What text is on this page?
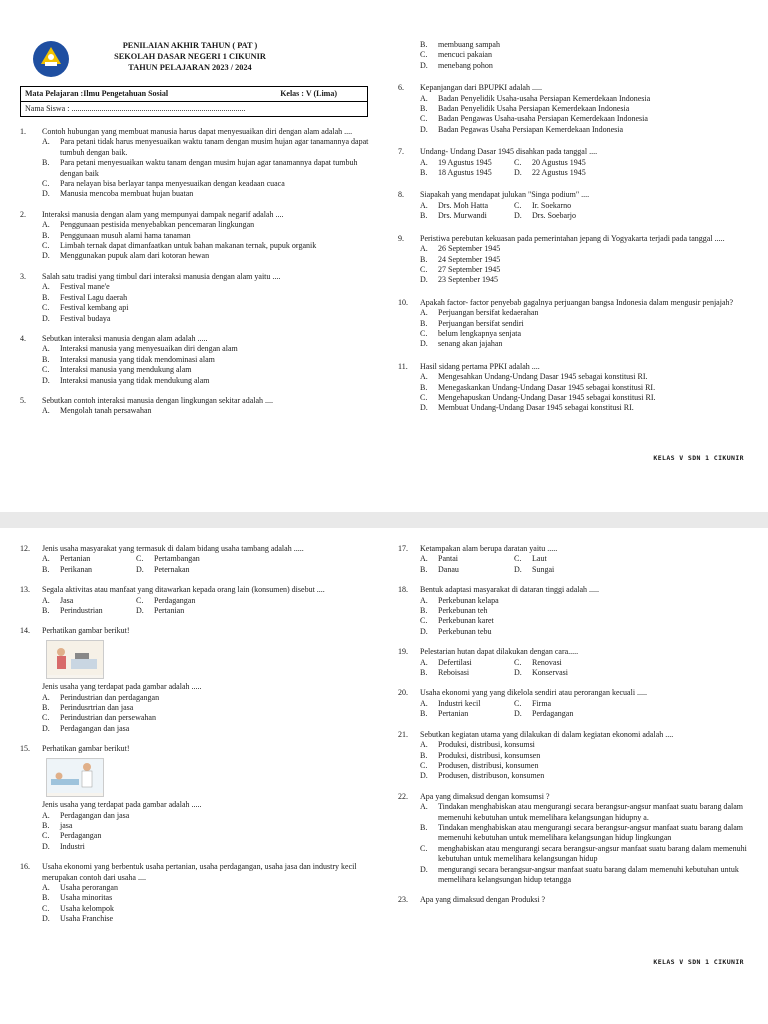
PENILAIAN AKHIR TAHUN ( PAT )
SEKOLAH DASAR NEGERI 1 CIKUNIR
TAHUN PELAJARAN 2023 / 2024
Mata Pelajaran :Ilmu Pengetahuan Sosial	Kelas : V (Lima)
Nama Siswa : .......................................................................................
1.	Contoh hubungan yang membuat manusia harus dapat menyesuaikan diri dengan alam adalah ....
A.	Para petani tidak harus menyesuaikan waktu tanam dengan musim hujan agar tanamannya dapat tumbuh dengan baik.
B.	Para petani menyesuaikan waktu tanam dengan musim hujan agar tanamannya dapat tumbuh dengan baik
C.	Para nelayan bisa berlayar tanpa menyesuaikan dengan keadaan cuaca
D.	Manusia mencoba membuat hujan buatan
2.	Interaksi manusia dengan alam yang mempunyai dampak negarif adalah ....
A.	Penggunaan pestisida menyebabkan pencemaran lingkungan
B.	Penggunaan musuh alami hama tanaman
C.	Limbah ternak dapat dimanfaatkan untuk bahan makanan ternak, pupuk organik
D.	Menggunakan pupuk alam dari kotoran hewan
3.	Salah satu tradisi yang timbul dari interaksi manusia dengan alam yaitu ....
A.	Festival mane'e
B.	Festival Lagu daerah
C.	Festival kembang api
D.	Festival budaya
4.	Sebutkan interaksi manusia dengan alam adalah .....
A.	Interaksi manusia yang menyesuaikan diri dengan alam
B.	Interaksi manusia yang tidak mendominasi alam
C.	Interaksi manusia yang mendukung alam
D.	Interaksi manusia yang tidak mendukung alam
5.	Sebutkan contoh interaksi manusia dengan lingkungan sekitar adalah ....
A.	Mengolah tanah persawahan
B.	membuang sampah
C.	mencuci pakaian
D.	menebang pohon
6.	Kepanjangan dari BPUPKI adalah .....
A.	Badan Penyelidik Usaha-usaha Persiapan Kemerdekaan Indonesia
B.	Badan Penyelidik Usaha Persiapan Kemerdekaan Indonesia
C.	Badan Pengawas Usaha-usaha Persiapan Kemerdekaan Indonesia
D.	Badan Pegawas Usaha Persiapan Kemerdekaan Indonesia
7.	Undang- Undang Dasar 1945 disahkan pada tanggal ....
A.	19 Agustus 1945	C.	20 Agustus 1945
B.	18 Agustus 1945	D.	22 Agustus 1945
8.	Siapakah yang mendapat julukan "Singa podium" ....
A.	Drs. Moh Hatta	C.	Ir. Soekarno
B.	Drs. Murwandi	D.	Drs. Soebarjo
9.	Peristiwa perebutan kekuasan pada pemerintahan jepang di Yogyakarta terjadi pada tanggal .....
A.	26 September 1945
B.	24 September 1945
C.	27 September 1945
D.	23 Septenber 1945
10.	Apakah factor- factor penyebab gagalnya perjuangan bangsa Indonesia dalam mengusir penjajah?
A.	Perjuangan bersifat kedaerahan
B.	Perjuangan bersifat sendiri
C.	belum lengkapnya senjata
D.	senang akan jajahan
11.	Hasil sidang pertama PPKI adalah ....
A.	Mengesahkan Undang-Undang Dasar 1945 sebagai konstitusi RI.
B.	Menegaskankan Undang-Undang Dasar 1945 sebagai konstitusi RI.
C.	Mengehapuskan Undang-Undang Dasar 1945 sebagai konstitusi RI.
D.	Membuat Undang-Undang Dasar 1945 sebagai konstitusi RI.
KELAS V SDN 1 CIKUNIR
12.	Jenis usaha masyarakat yang termasuk di dalam bidang usaha tambang adalah .....
A.	Pertanian	C.	Pertambangan
B.	Perikanan	D.	Peternakan
13.	Segala aktivitas atau manfaat yang ditawarkan kepada orang lain (konsumen) disebut ....
A.	Jasa	C.	Perdagangan
B.	Perindustrian	D.	Pertanian
14.	Perhatikan gambar berikut!
Jenis usaha yang terdapat pada gambar adalah .....
A.	Perindustrian dan perdagangan
B.	Perindusrtrian dan jasa
C.	Perindustrian dan persewahan
D.	Perdagangan dan jasa
15.	Perhatikan gambar berikut!
Jenis usaha yang terdapat pada gambar adalah .....
A.	Perdagangan dan jasa
B.	jasa
C.	Perdagangan
D.	Industri
16.	Usaha ekonomi yang berbentuk usaha pertanian, usaha perdagangan, usaha jasa dan industry kecil merupakan contoh dari usaha ....
A.	Usaha perorangan
B.	Usaha minoritas
C.	Usaha kelompok
D.	Usaha Franchise
17.	Ketampakan alam berupa daratan yaitu .....
A.	Pantai	C.	Laut
B.	Danau	D.	Sungai
18.	Bentuk adaptasi masyarakat di dataran tinggi adalah .....
A.	Perkebunan kelapa
B.	Perkebunan teh
C.	Perkebunan karet
D.	Perkebunan tebu
19.	Pelestarian hutan dapat dilakukan dengan cara.....
A.	Defertilasi	C.	Renovasi
B.	Reboisasi	D.	Konservasi
20.	Usaha ekonomi yang yang dikelola sendiri atau perorangan kecuali .....
A.	Industri kecil	C.	Firma
B.	Pertanian	D.	Perdagangan
21.	Sebutkan kegiatan utama yang dilakukan di dalam kegiatan ekonomi adalah ....
A.	Produksi, distribusi, konsumsi
B.	Produksi, distribusi, konsumsen
C.	Produsen, distribusi, konsumen
D.	Produsen, distribuson, konsumen
22.	Apa yang dimaksud dengan komsumsi ?
A.	Tindakan menghabiskan atau mengurangi secara berangsur-angsur manfaat suatu barang dalam memenuhi kebutuhan untuk memelihara kelangsungan hidupny a.
B.	Tindakan menghabiskan atau mengurangi secara berangsur-angsur manfaat suatu barang dalam memenuhi kebutuhan untuk memelihara kelangsungan hidup lingkungan
C.	menghabiskan atau mengurangi secara berangsur-angsur manfaat suatu barang dalam memenuhi kebutuhan untuk memelihara kelangsungan hidup
D.	mengurangi secara berangsur-angsur manfaat suatu barang dalam memenuhi kebutuhan untuk memelihara kelangsungan hidup tetangga
23.	Apa yang dimaksud dengan Produksi ?
KELAS V SDN 1 CIKUNIR
